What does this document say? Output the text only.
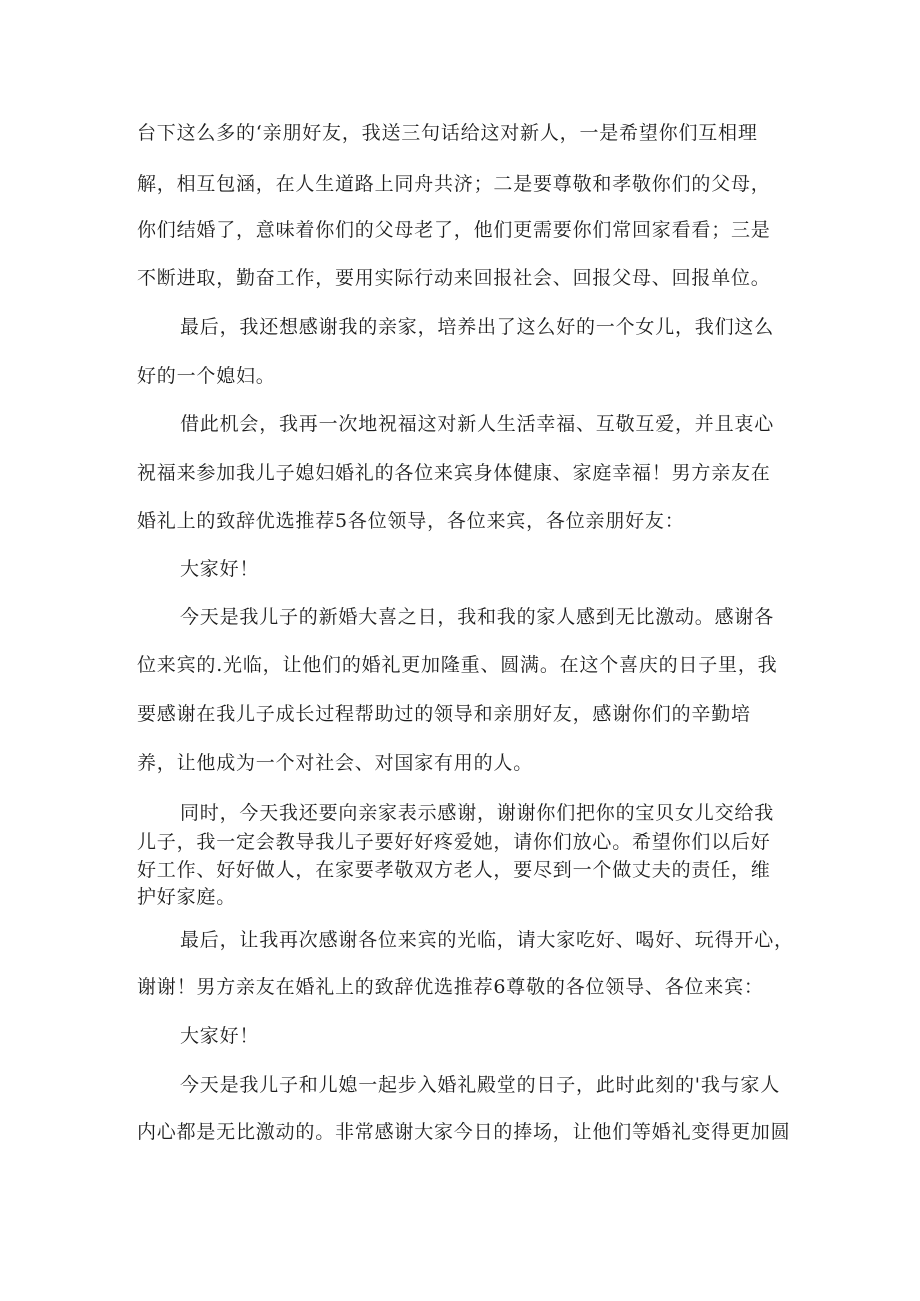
台下这么多的‘亲朋好友，我送三句话给这对新人，一是希望你们互相理
解，相互包涵，在人生道路上同舟共济；二是要尊敬和孝敬你们的父母，
你们结婚了，意味着你们的父母老了，他们更需要你们常回家看看；三是
不断进取，勤奋工作，要用实际行动来回报社会、回报父母、回报单位。
最后，我还想感谢我的亲家，培养出了这么好的一个女儿，我们这么
好的一个媳妇。
借此机会，我再一次地祝福这对新人生活幸福、互敬互爱，并且衷心
祝福来参加我儿子媳妇婚礼的各位来宾身体健康、家庭幸福！男方亲友在
婚礼上的致辞优选推荐5各位领导，各位来宾，各位亲朋好友：
大家好！
今天是我儿子的新婚大喜之日，我和我的家人感到无比激动。感谢各
位来宾的.光临，让他们的婚礼更加隆重、圆满。在这个喜庆的日子里，我
要感谢在我儿子成长过程帮助过的领导和亲朋好友，感谢你们的辛勤培
养，让他成为一个对社会、对国家有用的人。
同时，今天我还要向亲家表示感谢，谢谢你们把你的宝贝女儿交给我
儿子，我一定会教导我儿子要好好疼爱她，请你们放心。希望你们以后好
好工作、好好做人，在家要孝敬双方老人，要尽到一个做丈夫的责任，维
护好家庭。
最后，让我再次感谢各位来宾的光临，请大家吃好、喝好、玩得开心，
谢谢！男方亲友在婚礼上的致辞优选推荐6尊敬的各位领导、各位来宾：
大家好！
今天是我儿子和儿媳一起步入婚礼殿堂的日子，此时此刻的'我与家人
内心都是无比激动的。非常感谢大家今日的捧场，让他们等婚礼变得更加圆
